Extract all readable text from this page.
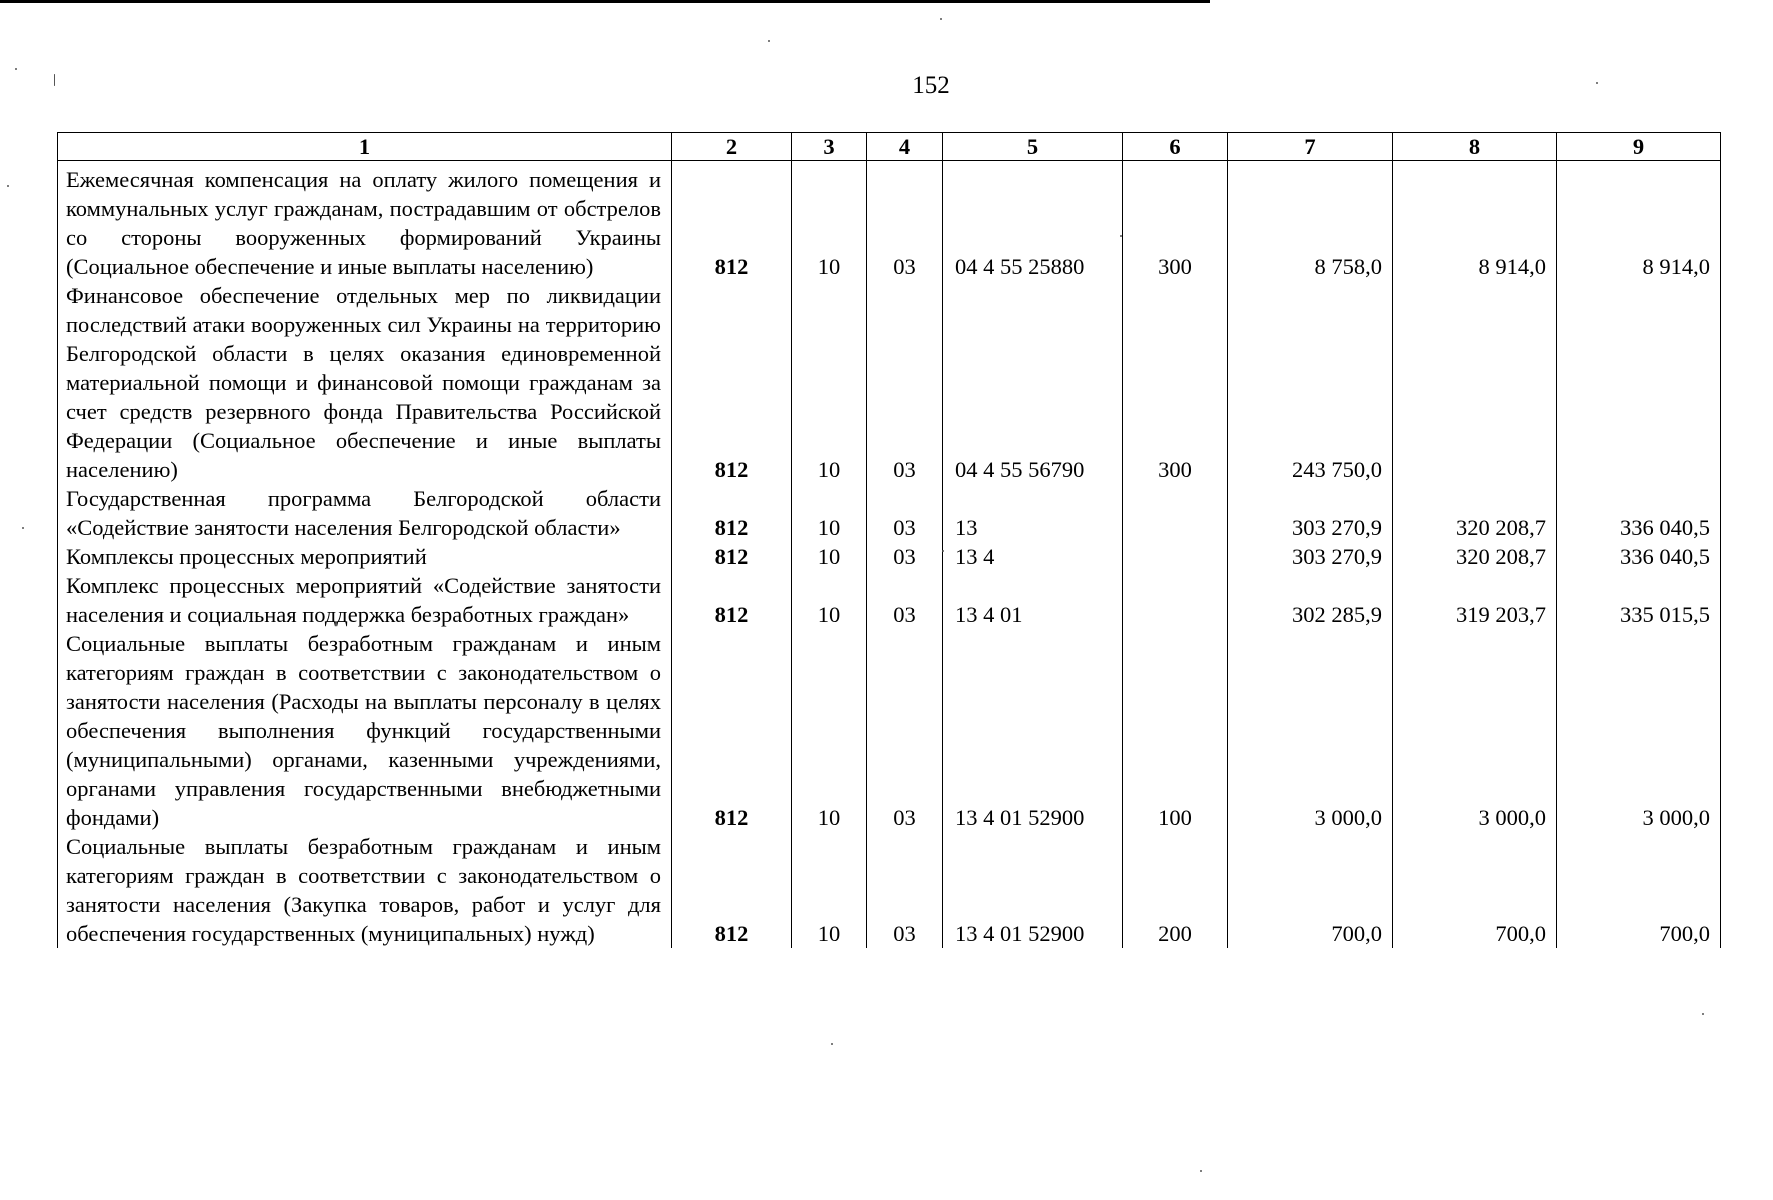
152
1	2	3	4	5	6	7	8	9
Ежемесячная компенсация на оплату жилого помещения и коммунальных услуг гражданам, пострадавшим от обстрелов со стороны вооруженных формирований Украины (Социальное обеспечение и иные выплаты населению)	812	10	03	04 4 55 25880	300	8 758,0	8 914,0	8 914,0
Финансовое обеспечение отдельных мер по ликвидации последствий атаки вооруженных сил Украины на территорию Белгородской области в целях оказания единовременной материальной помощи и финансовой помощи гражданам за счет средств резервного фонда Правительства Российской Федерации (Социальное обеспечение и иные выплаты населению)	812	10	03	04 4 55 56790	300	243 750,0		
Государственная программа Белгородской области «Содействие занятости населения Белгородской области»	812	10	03	13		303 270,9	320 208,7	336 040,5
Комплексы процессных мероприятий	812	10	03	13 4		303 270,9	320 208,7	336 040,5
Комплекс процессных мероприятий «Содействие занятости населения и социальная поддержка безработных граждан»	812	10	03	13 4 01		302 285,9	319 203,7	335 015,5
Социальные выплаты безработным гражданам и иным категориям граждан в соответствии с законодательством о занятости населения (Расходы на выплаты персоналу в целях обеспечения выполнения функций государственными (муниципальными) органами, казенными учреждениями, органами управления государственными внебюджетными фондами)	812	10	03	13 4 01 52900	100	3 000,0	3 000,0	3 000,0
Социальные выплаты безработным гражданам и иным категориям граждан в соответствии с законодательством о занятости населения (Закупка товаров, работ и услуг для обеспечения государственных (муниципальных) нужд)	812	10	03	13 4 01 52900	200	700,0	700,0	700,0
